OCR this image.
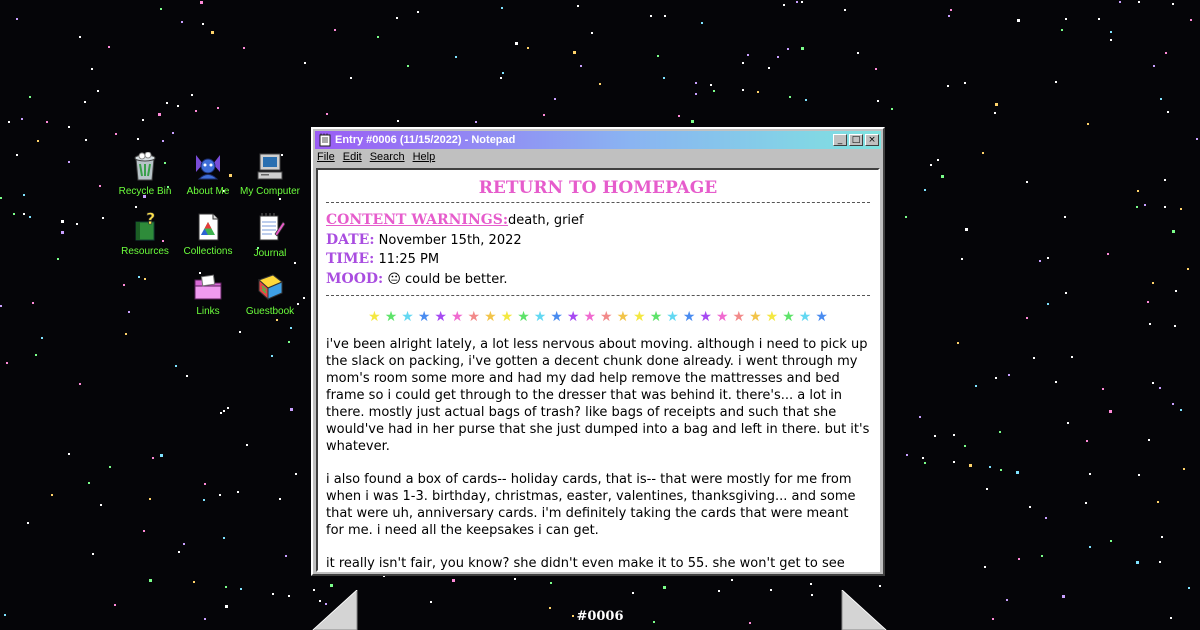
Recycle Bin	About Me	My Computer
?
Resources	Collections	Journal
Links	Guestbook
Entry #0006 (11/15/2022) - Notepad	_	□ ×
File Edit Search Help
RETURN TO HOMEPAGE
CONTENT WARNINGS:death, grief
DATE: November 15th, 2022
TIME: 11:25 PM
MOOD: 😐 could be better.
★ ★ ★ ★ ★ ★ ★ ★ ★ ★ ★ ★ ★ ★ ★ ★ ★ ★ ★ ★ ★ ★ ★ ★ ★ ★ ★ ★

i've been alright lately, a lot less nervous about moving. although i need to pick up the slack on packing, i've gotten a decent chunk done already. i went through my mom's room some more and had my dad help remove the mattresses and bed frame so i could get through to the dresser that was behind it. there's... a lot in there. mostly just actual bags of trash? like bags of receipts and such that she would've had in her purse that she just dumped into a bag and left in there. but it's whatever.

i also found a box of cards-- holiday cards, that is-- that were mostly for me from when i was 1-3. birthday, christmas, easter, valentines, thanksgiving... and some that were uh, anniversary cards. i'm definitely taking the cards that were meant for me. i need all the keepsakes i can get.

it really isn't fair, you know? she didn't even make it to 55. she won't get to see

#0006
